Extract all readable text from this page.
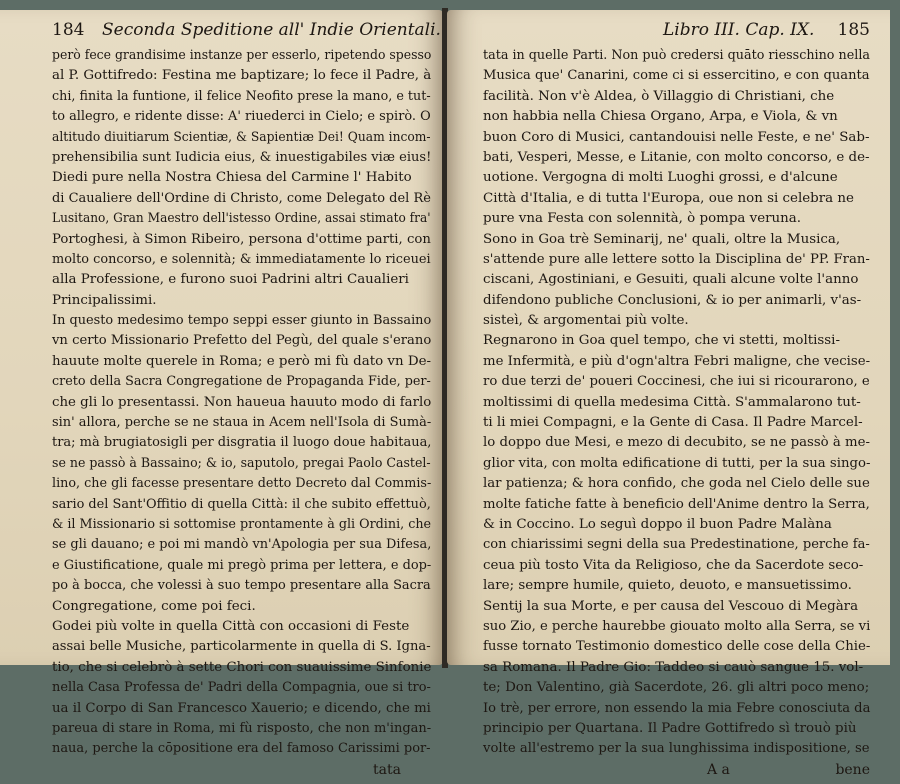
184 Seconda Speditione all' Indie Orientali.
però fece grandisime instanze per esserlo, ripetendo spesso
al P. Gottifredo: Festina me baptizare; lo fece il Padre, à
chi, finita la funtione, il felice Neofito prese la mano, e tut-
to allegro, e ridente disse: A' riuederci in Cielo; e spirò. O
altitudo diuitiarum Scientiæ, & Sapientiæ Dei! Quam incom-
prehensibilia sunt Iudicia eius, & inuestigabiles viæ eius!
Diedi pure nella Nostra Chiesa del Carmine l' Habito
di Caualiere dell'Ordine di Christo, come Delegato del Rè
Lusitano, Gran Maestro dell'istesso Ordine, assai stimato fra'
Portoghesi, à Simon Ribeiro, persona d'ottime parti, con
molto concorso, e solennità; & immediatamente lo riceuei
alla Professione, e furono suoi Padrini altri Caualieri
Principalissimi.
In questo medesimo tempo seppi esser giunto in Bassaino
vn certo Missionario Prefetto del Pegù, del quale s'erano
hauute molte querele in Roma; e però mi fù dato vn De-
creto della Sacra Congregatione de Propaganda Fide, per-
che gli lo presentassi. Non haueua hauuto modo di farlo
sin' allora, perche se ne staua in Acem nell'Isola di Sumà-
tra; mà brugiatosigli per disgratia il luogo doue habitaua,
se ne passò à Bassaino; & io, saputolo, pregai Paolo Castel-
lino, che gli facesse presentare detto Decreto dal Commis-
sario del Sant'Offitio di quella Città: il che subito effettuò,
& il Missionario si sottomise prontamente à gli Ordini, che
se gli dauano; e poi mi mandò vn'Apologia per sua Difesa,
e Giustificatione, quale mi pregò prima per lettera, e dop-
po à bocca, che volessi à suo tempo presentare alla Sacra
Congregatione, come poi feci.
Godei più volte in quella Città con occasioni di Feste
assai belle Musiche, particolarmente in quella di S. Igna-
tio, che si celebrò à sette Chori con suauissime Sinfonie
nella Casa Professa de' Padri della Compagnia, oue si tro-
ua il Corpo di San Francesco Xauerio; e dicendo, che mi
pareua di stare in Roma, mi fù risposto, che non m'ingan-
naua, perche la cōpositione era del famoso Carissimi por-
tata
Libro III. Cap. IX. 185
tata in quelle Parti. Non può credersi quāto riesschino nella
Musica que' Canarini, come ci si essercitino, e con quanta
facilità. Non v'è Aldea, ò Villaggio di Christiani, che
non habbia nella Chiesa Organo, Arpa, e Viola, & vn
buon Coro di Musici, cantandouisi nelle Feste, e ne' Sab-
bati, Vesperi, Messe, e Litanie, con molto concorso, e de-
uotione. Vergogna di molti Luoghi grossi, e d'alcune
Città d'Italia, e di tutta l'Europa, oue non si celebra ne
pure vna Festa con solennità, ò pompa veruna.
Sono in Goa trè Seminarij, ne' quali, oltre la Musica,
s'attende pure alle lettere sotto la Disciplina de' PP. Fran-
ciscani, Agostiniani, e Gesuiti, quali alcune volte l'anno
difendono publiche Conclusioni, & io per animarli, v'as-
sisteì, & argomentai più volte.
Regnarono in Goa quel tempo, che vi stetti, moltissi-
me Infermità, e più d'ogn'altra Febri maligne, che vecise-
ro due terzi de' poueri Coccinesi, che iui si ricourarono, e
moltissimi di quella medesima Città. S'ammalarono tut-
ti li miei Compagni, e la Gente di Casa. Il Padre Marcel-
lo doppo due Mesi, e mezo di decubito, se ne passò à me-
glior vita, con molta edificatione di tutti, per la sua singo-
lar patienza; & hora confido, che goda nel Cielo delle sue
molte fatiche fatte à beneficio dell'Anime dentro la Serra,
& in Coccino. Lo seguì doppo il buon Padre Malàna
con chiarissimi segni della sua Predestinatione, perche fa-
ceua più tosto Vita da Religioso, che da Sacerdote seco-
lare; sempre humile, quieto, deuoto, e mansuetissimo.
Sentij la sua Morte, e per causa del Vescouo di Megàra
suo Zio, e perche haurebbe giouato molto alla Serra, se vi
fusse tornato Testimonio domestico delle cose della Chie-
sa Romana. Il Padre Gio: Taddeo si cauò sangue 15. vol-
te; Don Valentino, già Sacerdote, 26. gli altri poco meno;
Io trè, per errore, non essendo la mia Febre conosciuta da
principio per Quartana. Il Padre Gottifredo sì trouò più
volte all'estremo per la sua lunghissima indispositione, se
A a	bene
